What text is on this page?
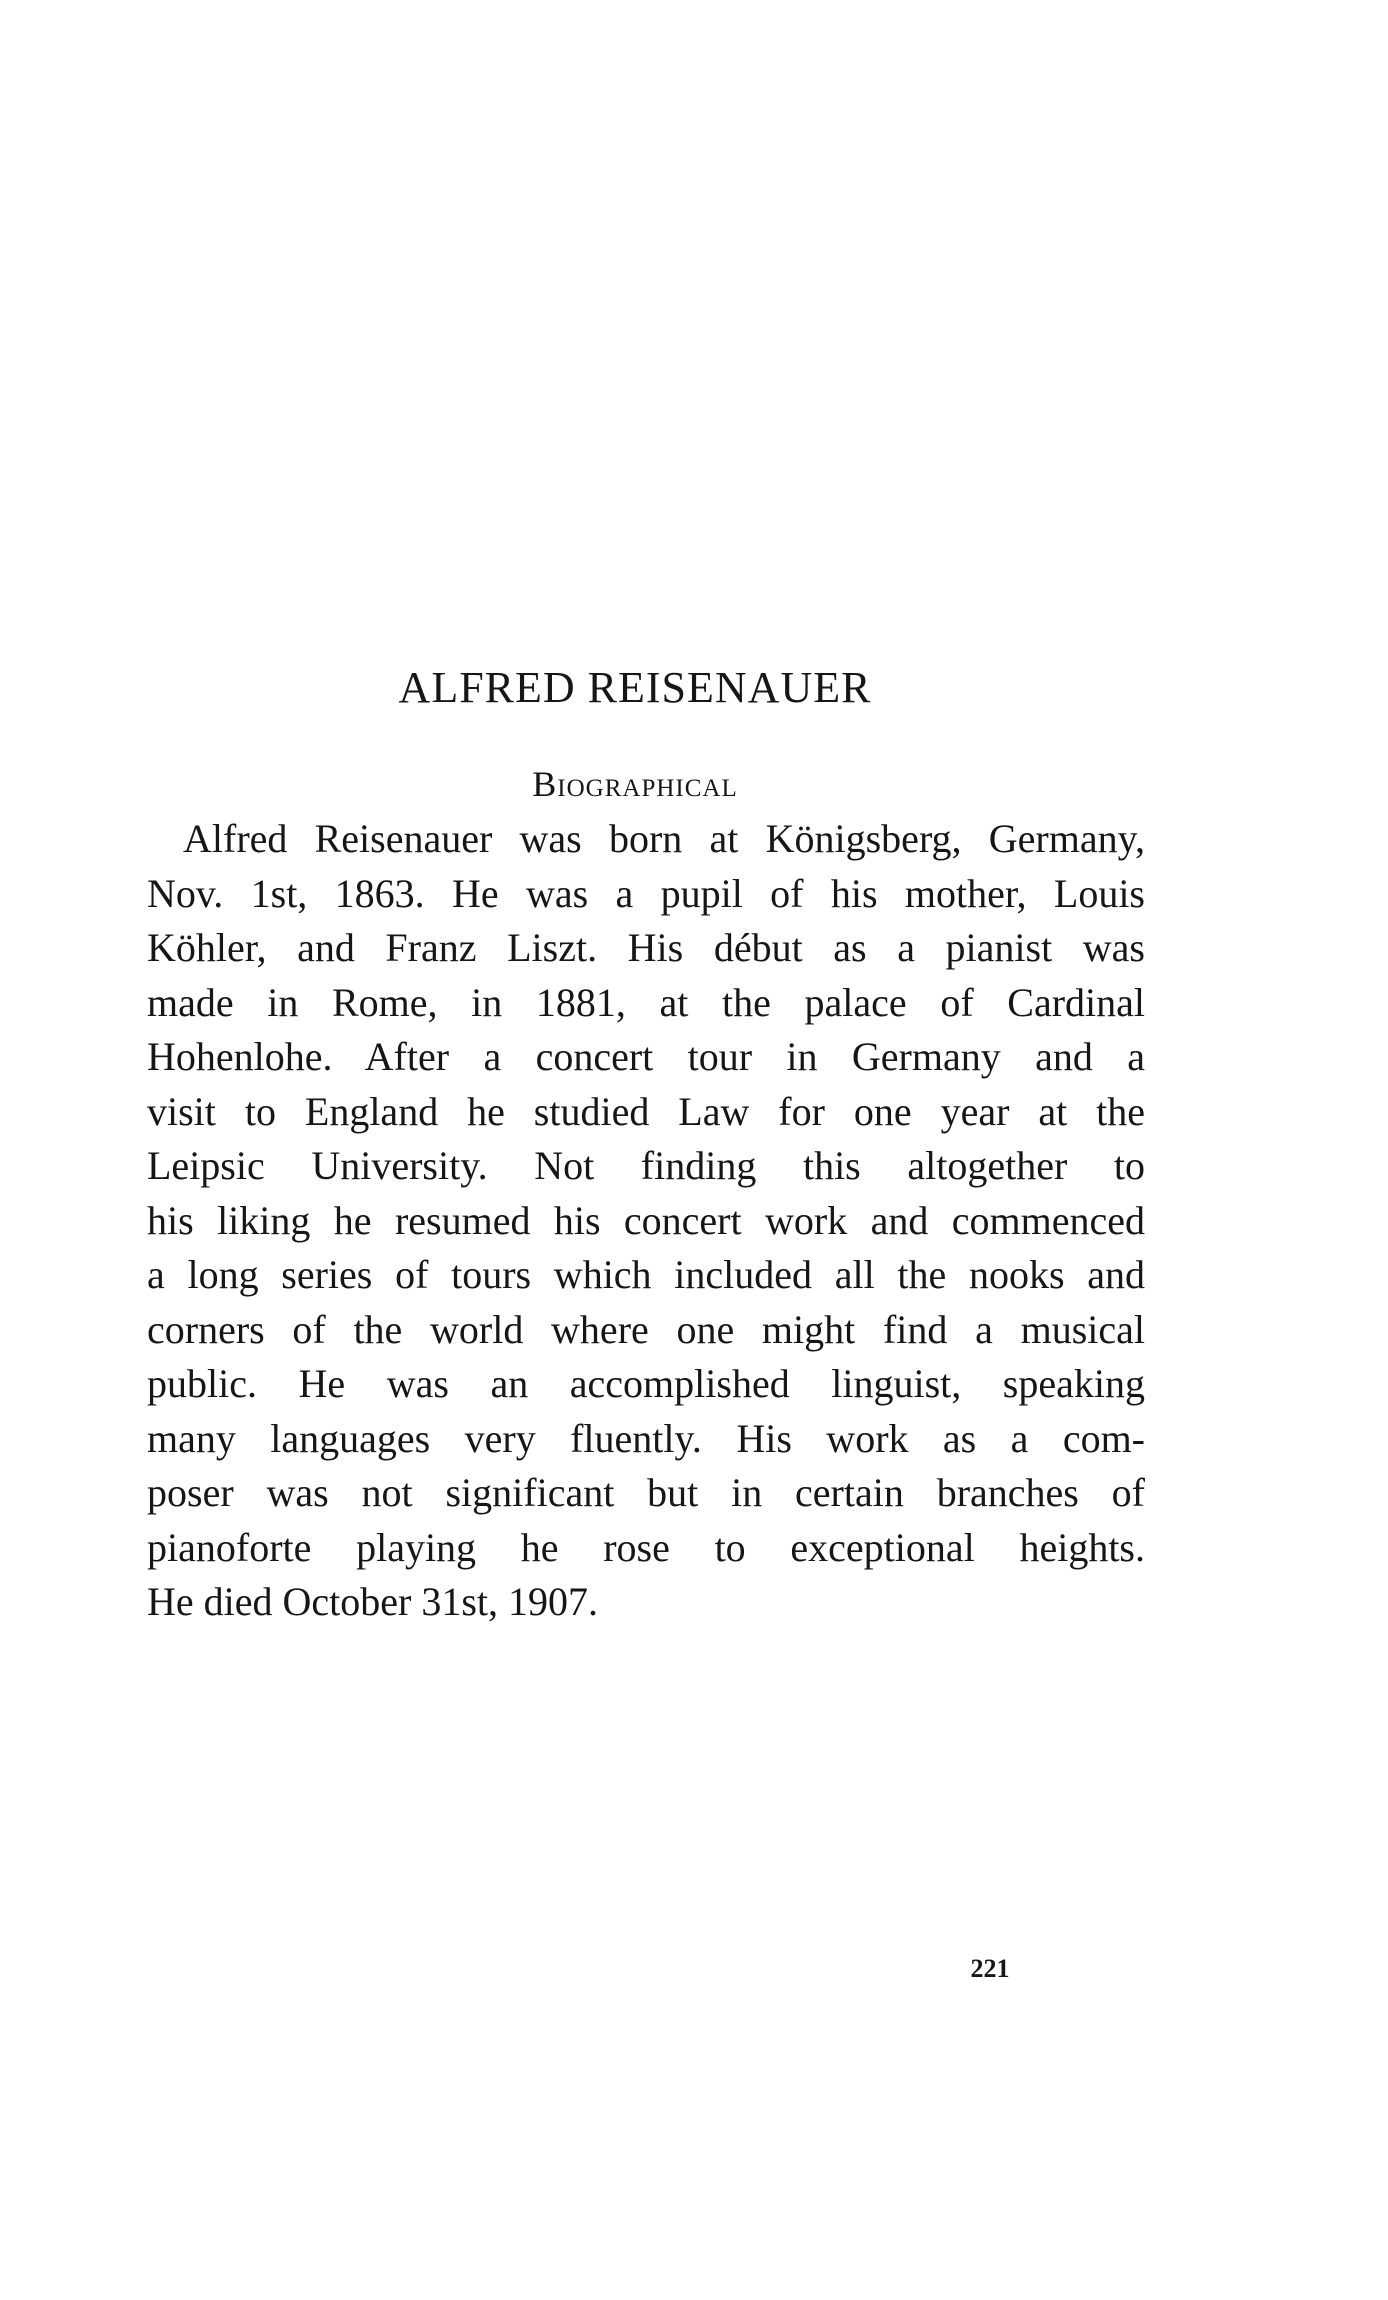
ALFRED REISENAUER
Biographical
Alfred Reisenauer was born at Königsberg, Germany,
Nov. 1st, 1863. He was a pupil of his mother, Louis
Köhler, and Franz Liszt. His début as a pianist was
made in Rome, in 1881, at the palace of Cardinal
Hohenlohe. After a concert tour in Germany and a
visit to England he studied Law for one year at the
Leipsic University. Not finding this altogether to
his liking he resumed his concert work and commenced
a long series of tours which included all the nooks and
corners of the world where one might find a musical
public. He was an accomplished linguist, speaking
many languages very fluently. His work as a com-
poser was not significant but in certain branches of
pianoforte playing he rose to exceptional heights.
He died October 31st, 1907.
221
